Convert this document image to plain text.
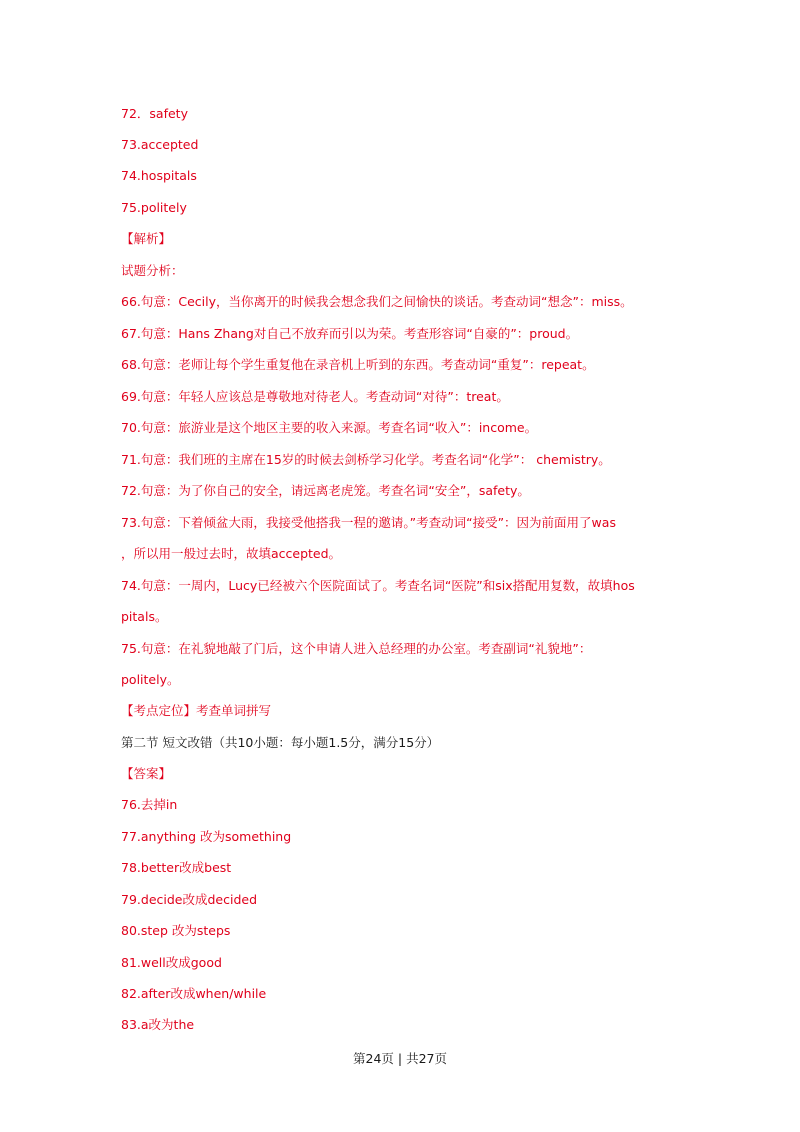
72．safety
73.accepted
74.hospitals
75.politely
【解析】
试题分析：
66.句意：Cecily，当你离开的时候我会想念我们之间愉快的谈话。考查动词“想念”：miss。
67.句意：Hans Zhang对自己不放弃而引以为荣。考查形容词“自豪的”：proud。
68.句意：老师让每个学生重复他在录音机上听到的东西。考查动词“重复”：repeat。
69.句意：年轻人应该总是尊敬地对待老人。考查动词“对待”：treat。
70.句意：旅游业是这个地区主要的收入来源。考查名词“收入”：income。
71.句意：我们班的主席在15岁的时候去剑桥学习化学。考查名词“化学”： chemistry。
72.句意：为了你自己的安全，请远离老虎笼。考查名词“安全”，safety。
73.句意：下着倾盆大雨，我接受他搭我一程的邀请。”考查动词“接受”：因为前面用了was
，所以用一般过去时，故填accepted。
74.句意：一周内，Lucy已经被六个医院面试了。考查名词“医院”和six搭配用复数，故填hos
pitals。
75.句意：在礼貌地敲了门后，这个申请人进入总经理的办公室。考查副词“礼貌地”：
politely。
【考点定位】考查单词拼写
第二节 短文改错（共10小题：每小题1.5分，满分15分）
【答案】
76.去掉in
77.anything 改为something
78.better改成best
79.decide改成decided
80.step 改为steps
81.well改成good
82.after改成when/while
83.a改为the
第24页 | 共27页
